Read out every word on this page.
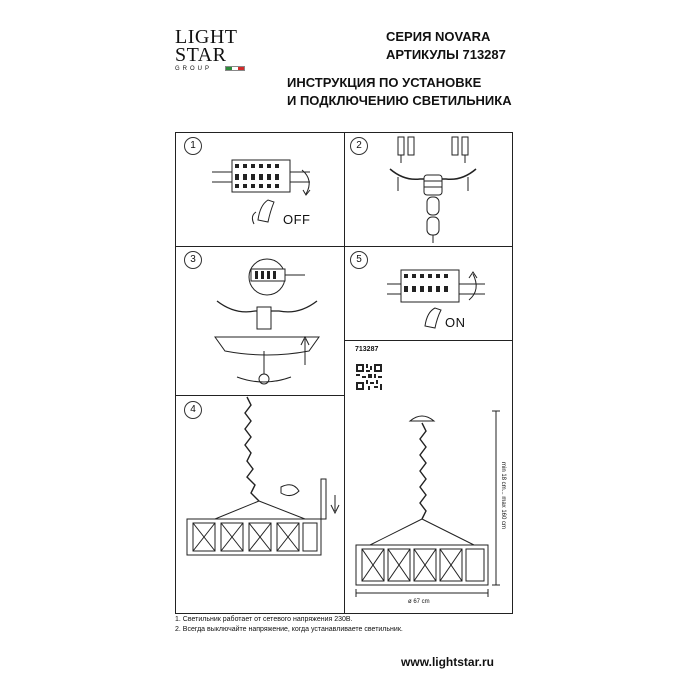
LIGHT
STAR
GROUP
СЕРИЯ NOVARA
АРТИКУЛЫ 713287
ИНСТРУКЦИЯ ПО УСТАНОВКЕ
И ПОДКЛЮЧЕНИЮ СВЕТИЛЬНИКА
1	2
3	5
4
OFF
ON
713287
min 18 cm... max 160 cm
ø 67 cm
1. Светильник работает от сетевого напряжения 230В.
2. Всегда выключайте напряжение, когда устанавливаете светильник.
www.lightstar.ru
